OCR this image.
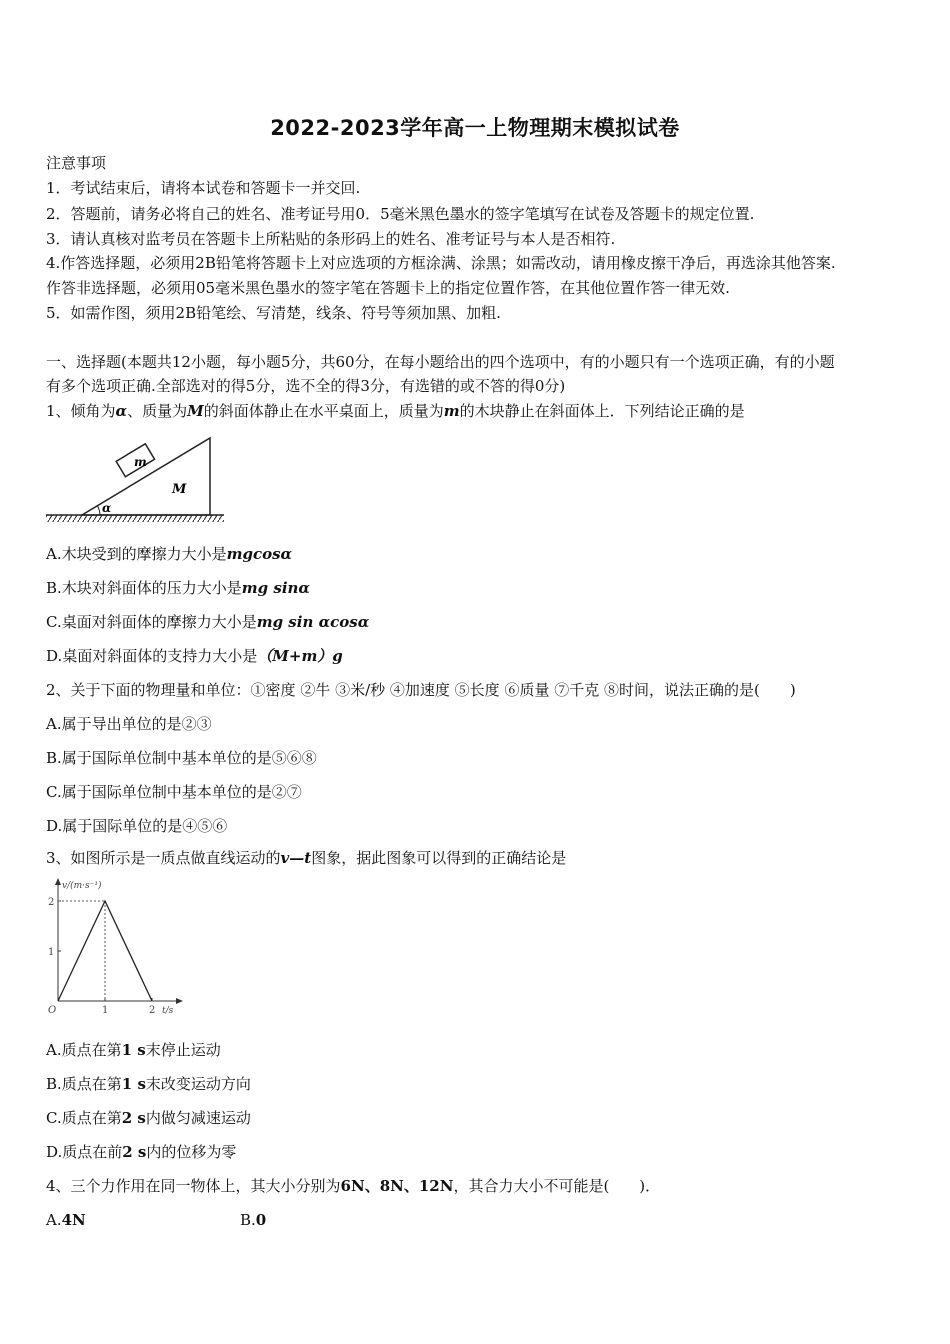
2022-2023学年高一上物理期末模拟试卷
注意事项
1．考试结束后，请将本试卷和答题卡一并交回.
2．答题前，请务必将自己的姓名、准考证号用0．5毫米黑色墨水的签字笔填写在试卷及答题卡的规定位置.
3．请认真核对监考员在答题卡上所粘贴的条形码上的姓名、准考证号与本人是否相符.
4.作答选择题，必须用2B铅笔将答题卡上对应选项的方框涂满、涂黑；如需改动，请用橡皮擦干净后，再选涂其他答案.
作答非选择题，必须用05毫米黑色墨水的签字笔在答题卡上的指定位置作答，在其他位置作答一律无效.
5．如需作图，须用2B铅笔绘、写清楚，线条、符号等须加黑、加粗.
一、选择题(本题共12小题，每小题5分，共60分，在每小题给出的四个选项中，有的小题只有一个选项正确，有的小题
有多个选项正确.全部选对的得5分，选不全的得3分，有选错的或不答的得0分)
1、倾角为α、质量为M的斜面体静止在水平桌面上，质量为m的木块静止在斜面体上．下列结论正确的是
m
M
α
A.木块受到的摩擦力大小是mgcosα
B.木块对斜面体的压力大小是mg sinα
C.桌面对斜面体的摩擦力大小是mg sin αcosα
D.桌面对斜面体的支持力大小是（M+m）g
2、关于下面的物理量和单位：①密度 ②牛 ③米/秒 ④加速度 ⑤长度 ⑥质量 ⑦千克 ⑧时间，说法正确的是(　　)
A.属于导出单位的是②③
B.属于国际单位制中基本单位的是⑤⑥⑧
C.属于国际单位制中基本单位的是②⑦
D.属于国际单位的是④⑤⑥
3、如图所示是一质点做直线运动的v—t图象，据此图象可以得到的正确结论是
v/(m·s⁻¹)
t/s
O
1
2
1	2
A.质点在第1 s末停止运动
B.质点在第1 s末改变运动方向
C.质点在第2 s内做匀减速运动
D.质点在前2 s内的位移为零
4、三个力作用在同一物体上，其大小分别为6N、8N、12N，其合力大小不可能是(　　)．
A.4N	B.0
